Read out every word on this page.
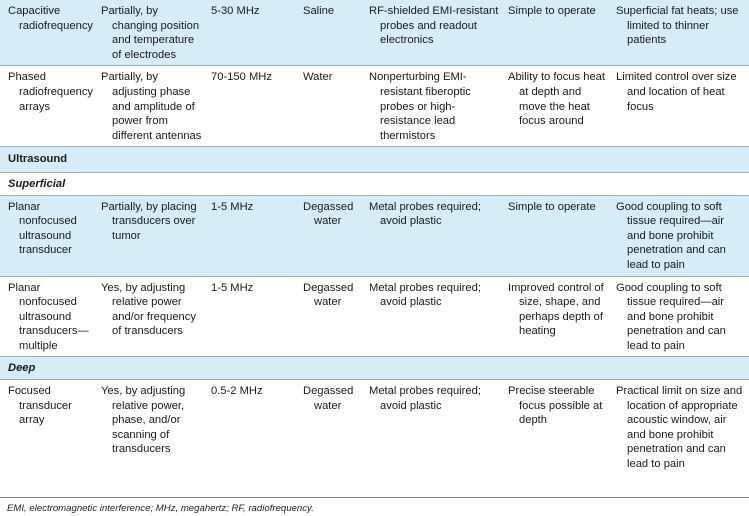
Capacitive radiofrequency	Partially, by changing position and temperature of electrodes	5-30 MHz	Saline	RF-shielded EMI-resistant probes and readout electronics	Simple to operate	Superficial fat heats; use limited to thinner patients

Phased radiofrequency arrays	Partially, by adjusting phase and amplitude of power from different antennas	70-150 MHz	Water	Nonperturbing EMI-resistant fiberoptic probes or high-resistance lead thermistors	Ability to focus heat at depth and move the heat focus around	Limited control over size and location of heat focus

Ultrasound						
Superficial						

Planar nonfocused ultrasound transducer	Partially, by placing transducers over tumor	1-5 MHz	Degassed water	Metal probes required; avoid plastic	Simple to operate	Good coupling to soft tissue required—air and bone prohibit penetration and can lead to pain

Planar nonfocused ultrasound transducers—multiple	Yes, by adjusting relative power and/or frequency of transducers	1-5 MHz	Degassed water	Metal probes required; avoid plastic	Improved control of size, shape, and perhaps depth of heating	Good coupling to soft tissue required—air and bone prohibit penetration and can lead to pain

Deep						

Focused transducer array	Yes, by adjusting relative power, phase, and/or scanning of transducers	0.5-2 MHz	Degassed water	Metal probes required; avoid plastic	Precise steerable focus possible at depth	Practical limit on size and location of appropriate acoustic window, air and bone prohibit penetration and can lead to pain
EMI, electromagnetic interference; MHz, megahertz; RF, radiofrequency.
